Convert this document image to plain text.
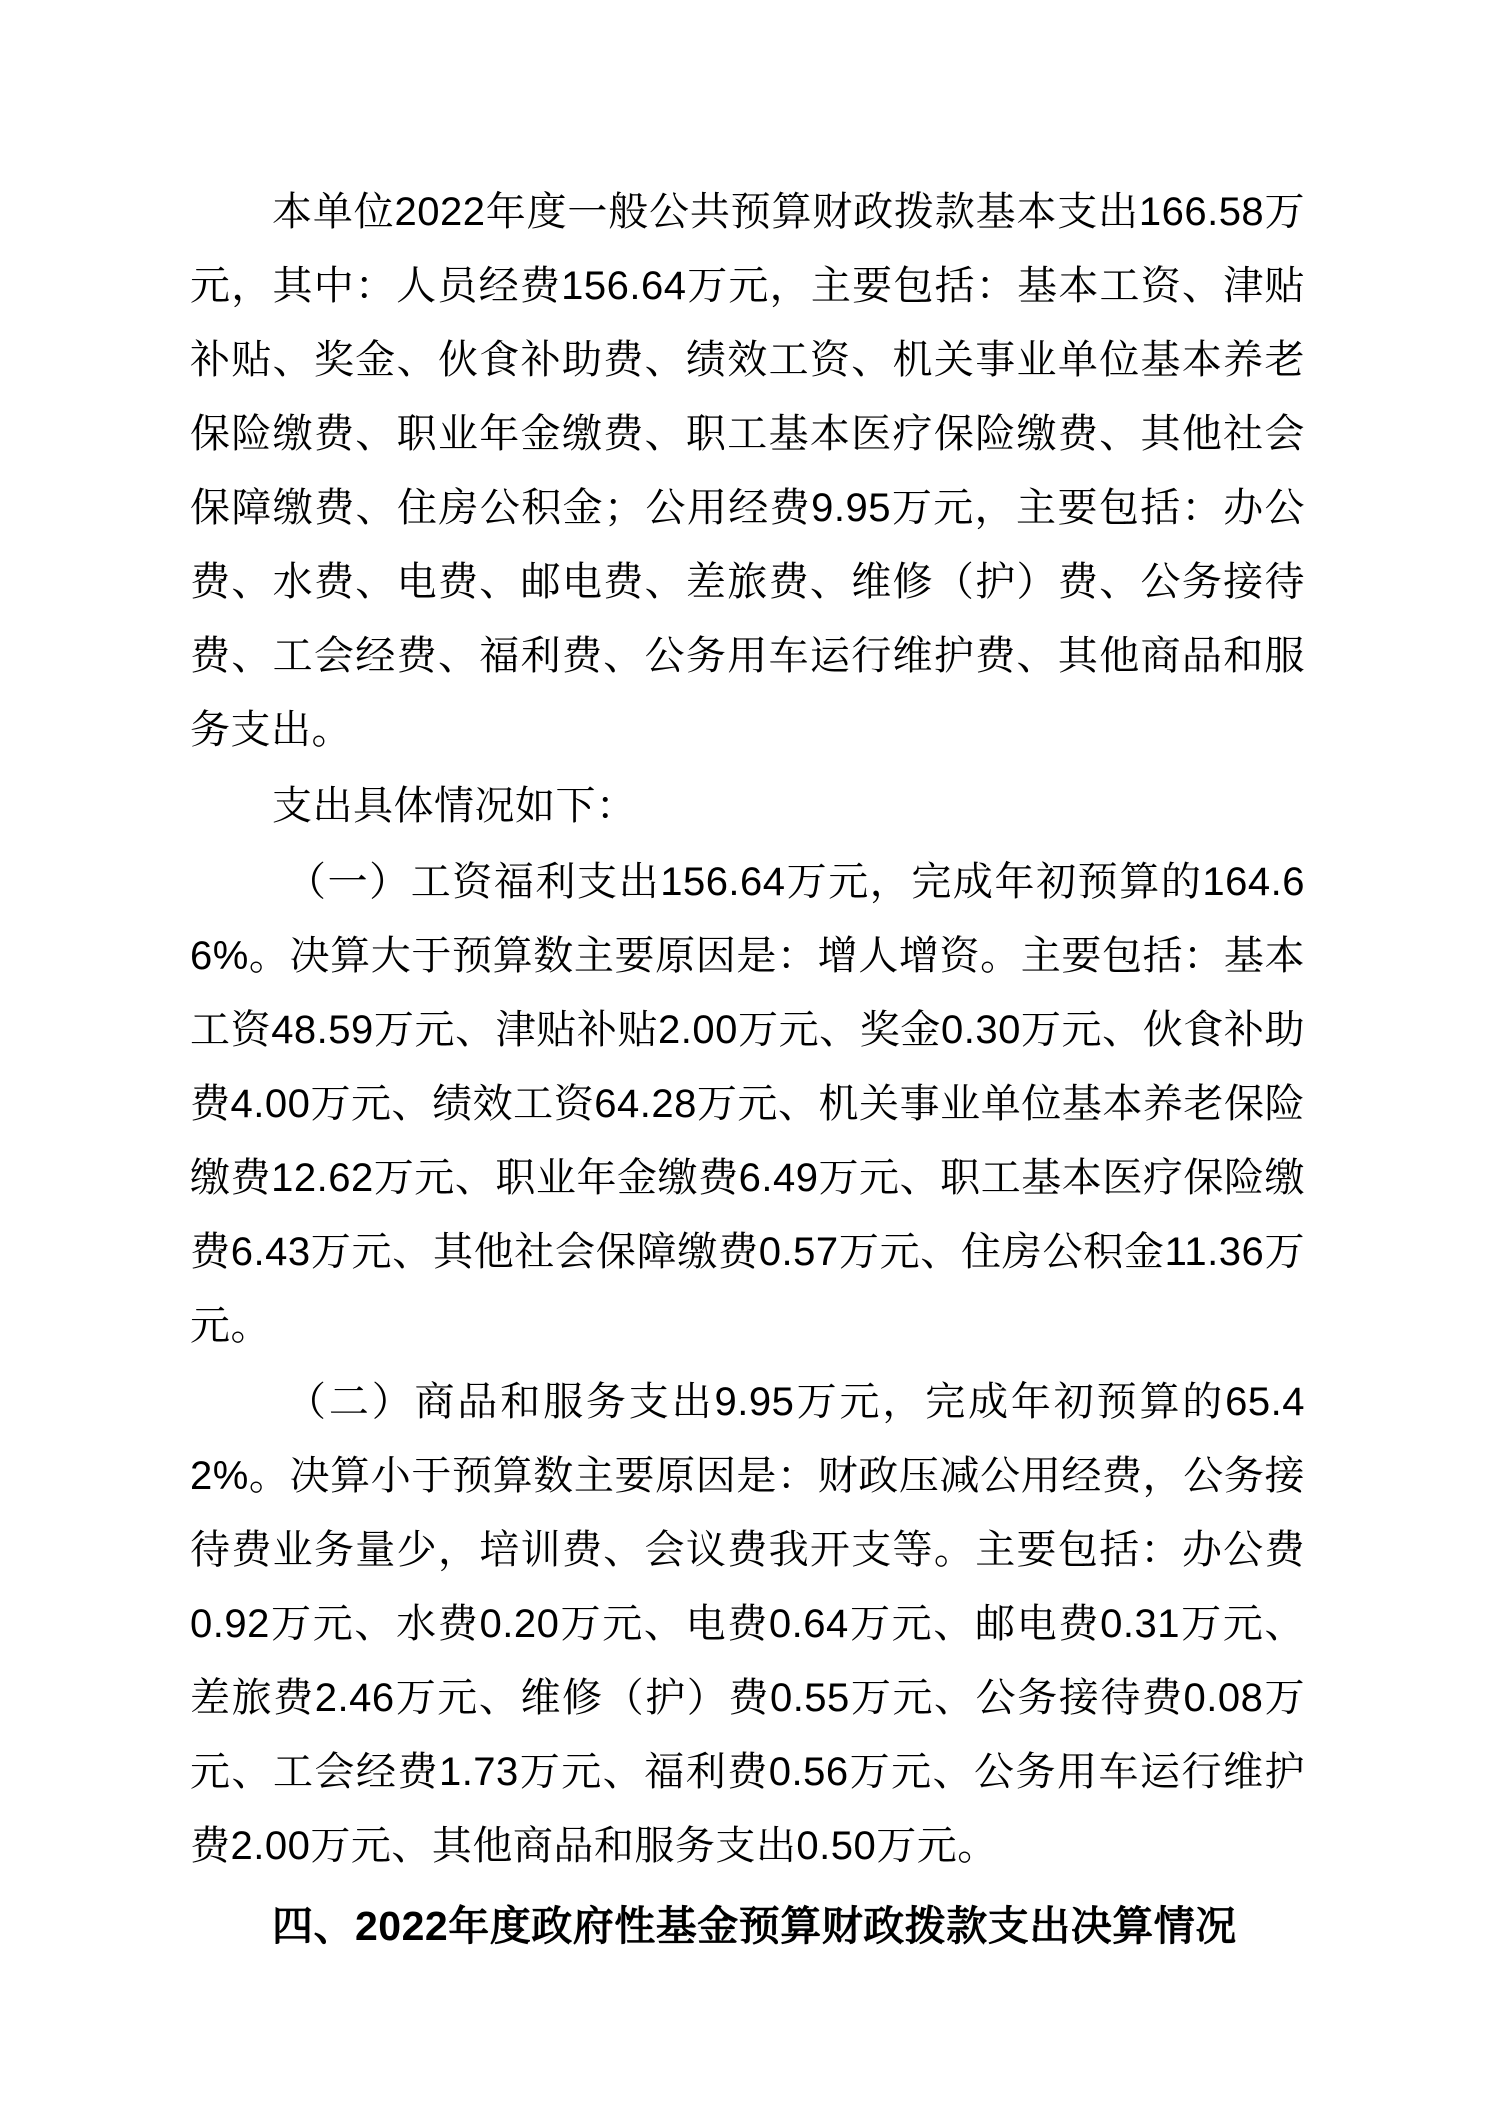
本单位2022年度一般公共预算财政拨款基本支出166.58万元，其中：人员经费156.64万元，主要包括：基本工资、津贴补贴、奖金、伙食补助费、绩效工资、机关事业单位基本养老保险缴费、职业年金缴费、职工基本医疗保险缴费、其他社会保障缴费、住房公积金；公用经费9.95万元，主要包括：办公费、水费、电费、邮电费、差旅费、维修（护）费、公务接待费、工会经费、福利费、公务用车运行维护费、其他商品和服务支出。

支出具体情况如下：

（一）工资福利支出156.64万元，完成年初预算的164.66%。决算大于预算数主要原因是：增人增资。主要包括：基本工资48.59万元、津贴补贴2.00万元、奖金0.30万元、伙食补助费4.00万元、绩效工资64.28万元、机关事业单位基本养老保险缴费12.62万元、职业年金缴费6.49万元、职工基本医疗保险缴费6.43万元、其他社会保障缴费0.57万元、住房公积金11.36万元。

（二）商品和服务支出9.95万元，完成年初预算的65.42%。决算小于预算数主要原因是：财政压减公用经费，公务接待费业务量少，培训费、会议费我开支等。主要包括：办公费0.92万元、水费0.20万元、电费0.64万元、邮电费0.31万元、差旅费2.46万元、维修（护）费0.55万元、公务接待费0.08万元、工会经费1.73万元、福利费0.56万元、公务用车运行维护费2.00万元、其他商品和服务支出0.50万元。

四、2022年度政府性基金预算财政拨款支出决算情况
